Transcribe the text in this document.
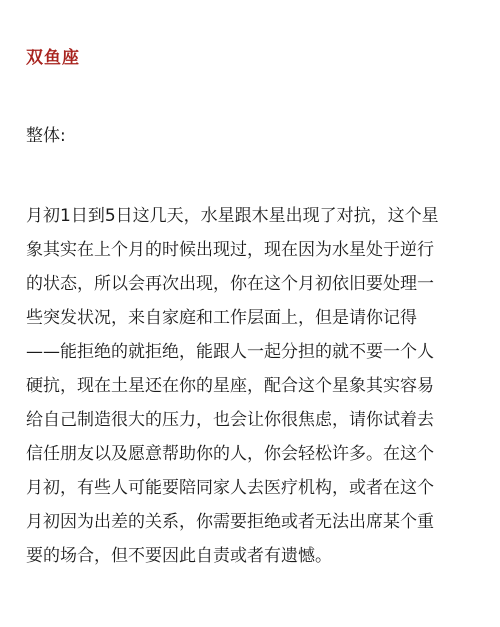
双鱼座
整体:
月初1日到5日这几天，水星跟木星出现了对抗，这个星
象其实在上个月的时候出现过，现在因为水星处于逆行
的状态，所以会再次出现，你在这个月初依旧要处理一
些突发状况，来自家庭和工作层面上，但是请你记得
——能拒绝的就拒绝，能跟人一起分担的就不要一个人
硬抗，现在土星还在你的星座，配合这个星象其实容易
给自己制造很大的压力，也会让你很焦虑，请你试着去
信任朋友以及愿意帮助你的人，你会轻松许多。在这个
月初，有些人可能要陪同家人去医疗机构，或者在这个
月初因为出差的关系，你需要拒绝或者无法出席某个重
要的场合，但不要因此自责或者有遗憾。
